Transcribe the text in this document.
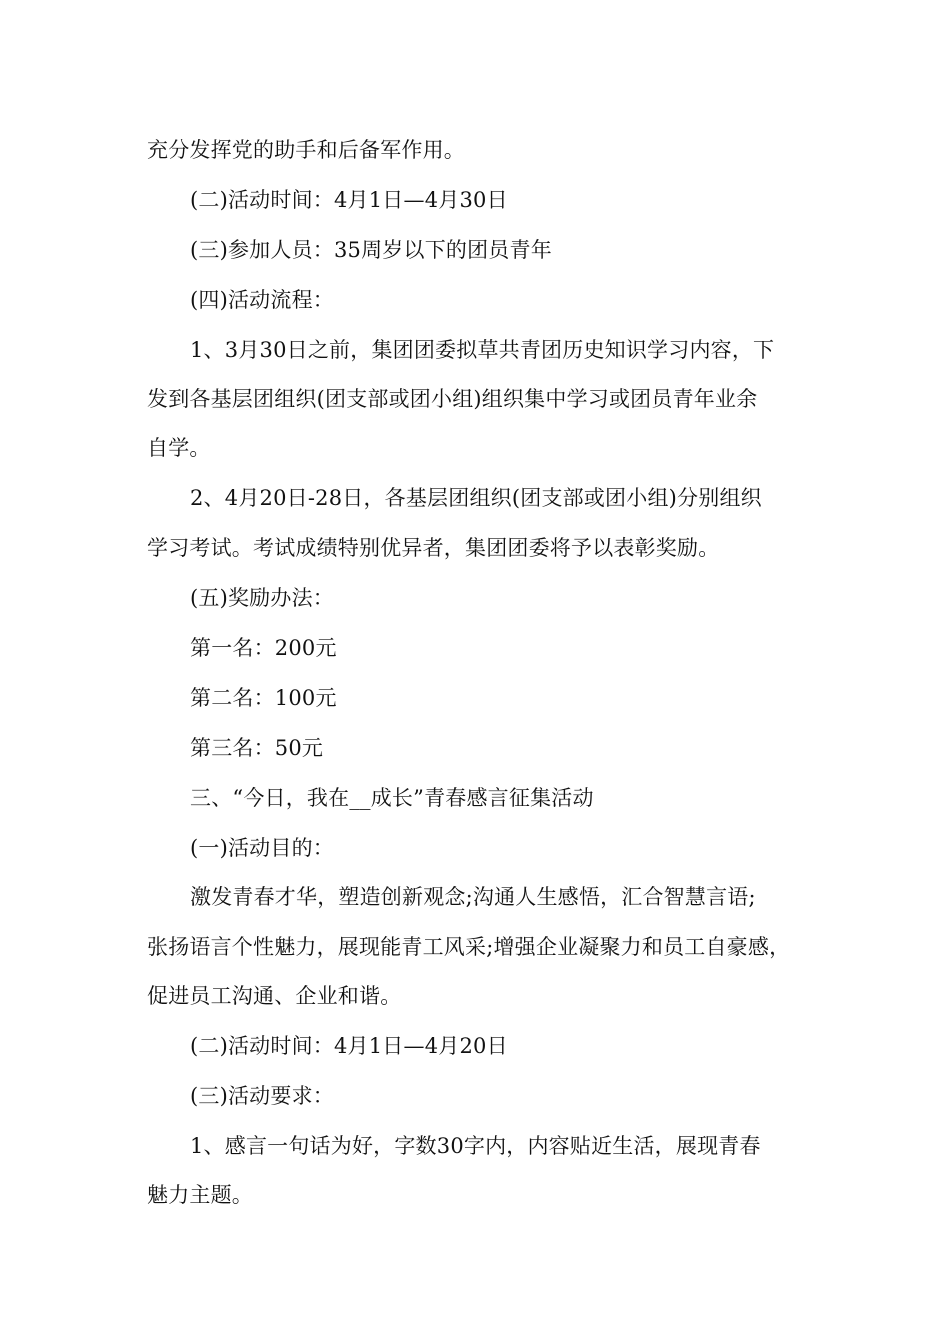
充分发挥党的助手和后备军作用。
(二)活动时间：4月1日—4月30日
(三)参加人员：35周岁以下的团员青年
(四)活动流程：
1、3月30日之前，集团团委拟草共青团历史知识学习内容，下
发到各基层团组织(团支部或团小组)组织集中学习或团员青年业余
自学。
2、4月20日-28日，各基层团组织(团支部或团小组)分别组织
学习考试。考试成绩特别优异者，集团团委将予以表彰奖励。
(五)奖励办法：
第一名：200元
第二名：100元
第三名：50元
三、“今日，我在__成长”青春感言征集活动
(一)活动目的：
激发青春才华，塑造创新观念;沟通人生感悟，汇合智慧言语;
张扬语言个性魅力，展现能青工风采;增强企业凝聚力和员工自豪感，
促进员工沟通、企业和谐。
(二)活动时间：4月1日—4月20日
(三)活动要求：
1、感言一句话为好，字数30字内，内容贴近生活，展现青春
魅力主题。
